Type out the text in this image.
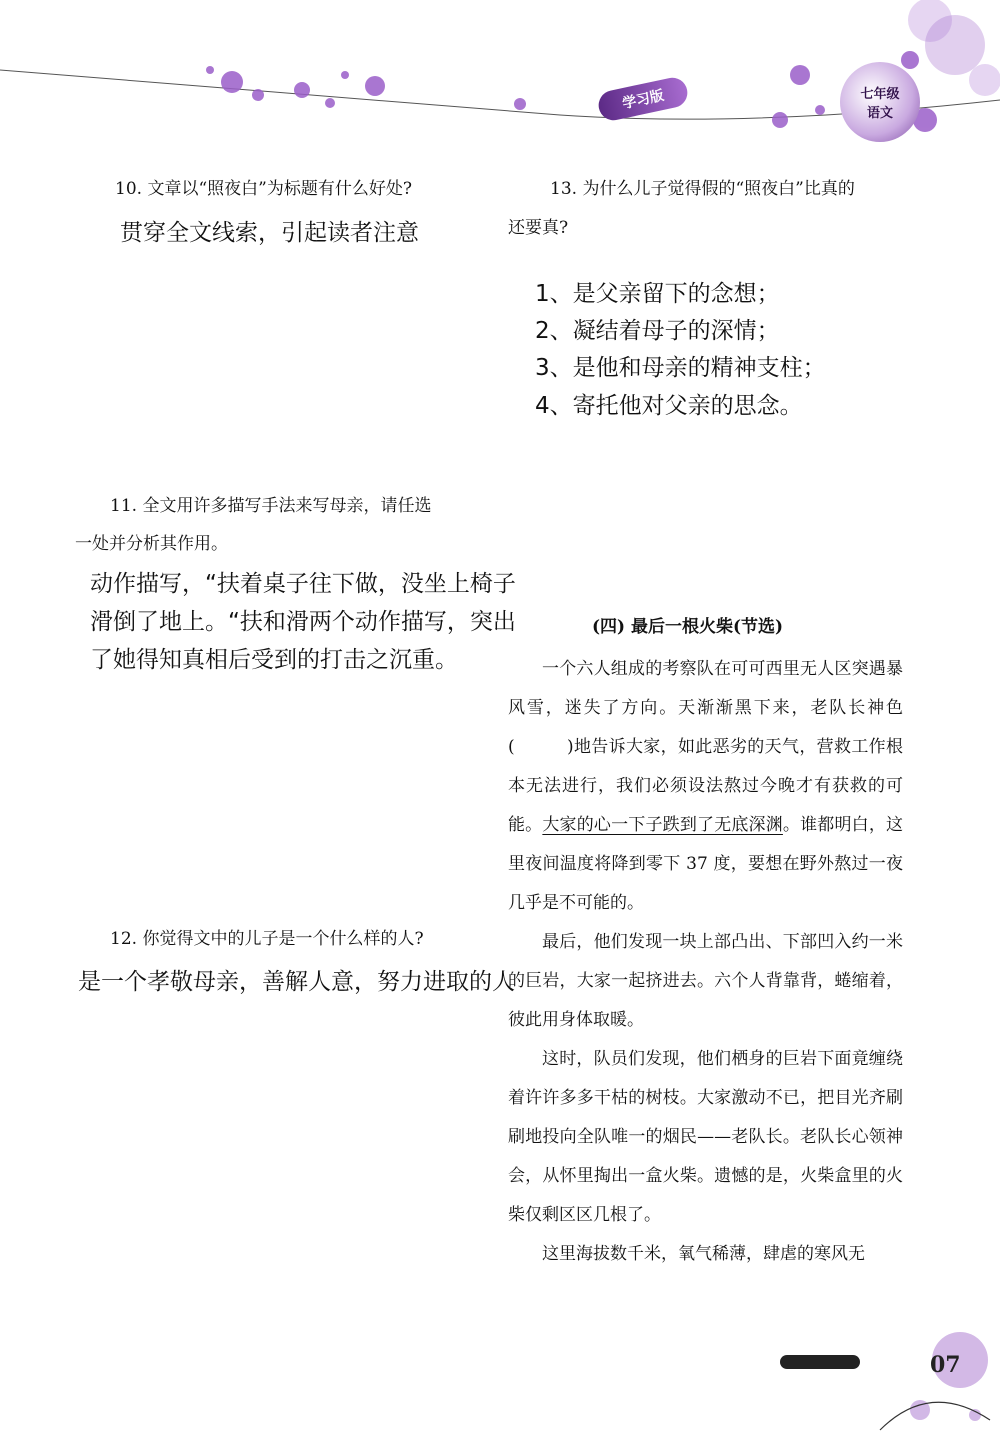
学习版	七年级
语文
10. 文章以“照夜白”为标题有什么好处?
贯穿全文线索，引起读者注意
13. 为什么儿子觉得假的“照夜白”比真的
还要真?
1、是父亲留下的念想；
2、凝结着母子的深情；
3、是他和母亲的精神支柱；
4、寄托他对父亲的思念。
11. 全文用许多描写手法来写母亲，请任选
一处并分析其作用。
动作描写，“扶着桌子往下做，没坐上椅子
滑倒了地上。“扶和滑两个动作描写，突出
了她得知真相后受到的打击之沉重。
12. 你觉得文中的儿子是一个什么样的人?
是一个孝敬母亲，善解人意，努力进取的人
(四) 最后一根火柴(节选)

一个六人组成的考察队在可可西里无人区突遇暴风雪，迷失了方向。天渐渐黑下来，老队长神色(　　　)地告诉大家，如此恶劣的天气，营救工作根本无法进行，我们必须设法熬过今晚才有获救的可能。大家的心一下子跌到了无底深渊。谁都明白，这里夜间温度将降到零下 37 度，要想在野外熬过一夜几乎是不可能的。

最后，他们发现一块上部凸出、下部凹入约一米的巨岩，大家一起挤进去。六个人背靠背，蜷缩着，彼此用身体取暖。

这时，队员们发现，他们栖身的巨岩下面竟缠绕着许许多多干枯的树枝。大家激动不已，把目光齐刷刷地投向全队唯一的烟民——老队长。老队长心领神会，从怀里掏出一盒火柴。遗憾的是，火柴盒里的火柴仅剩区区几根了。

这里海拔数千米，氧气稀薄，肆虐的寒风无

07
